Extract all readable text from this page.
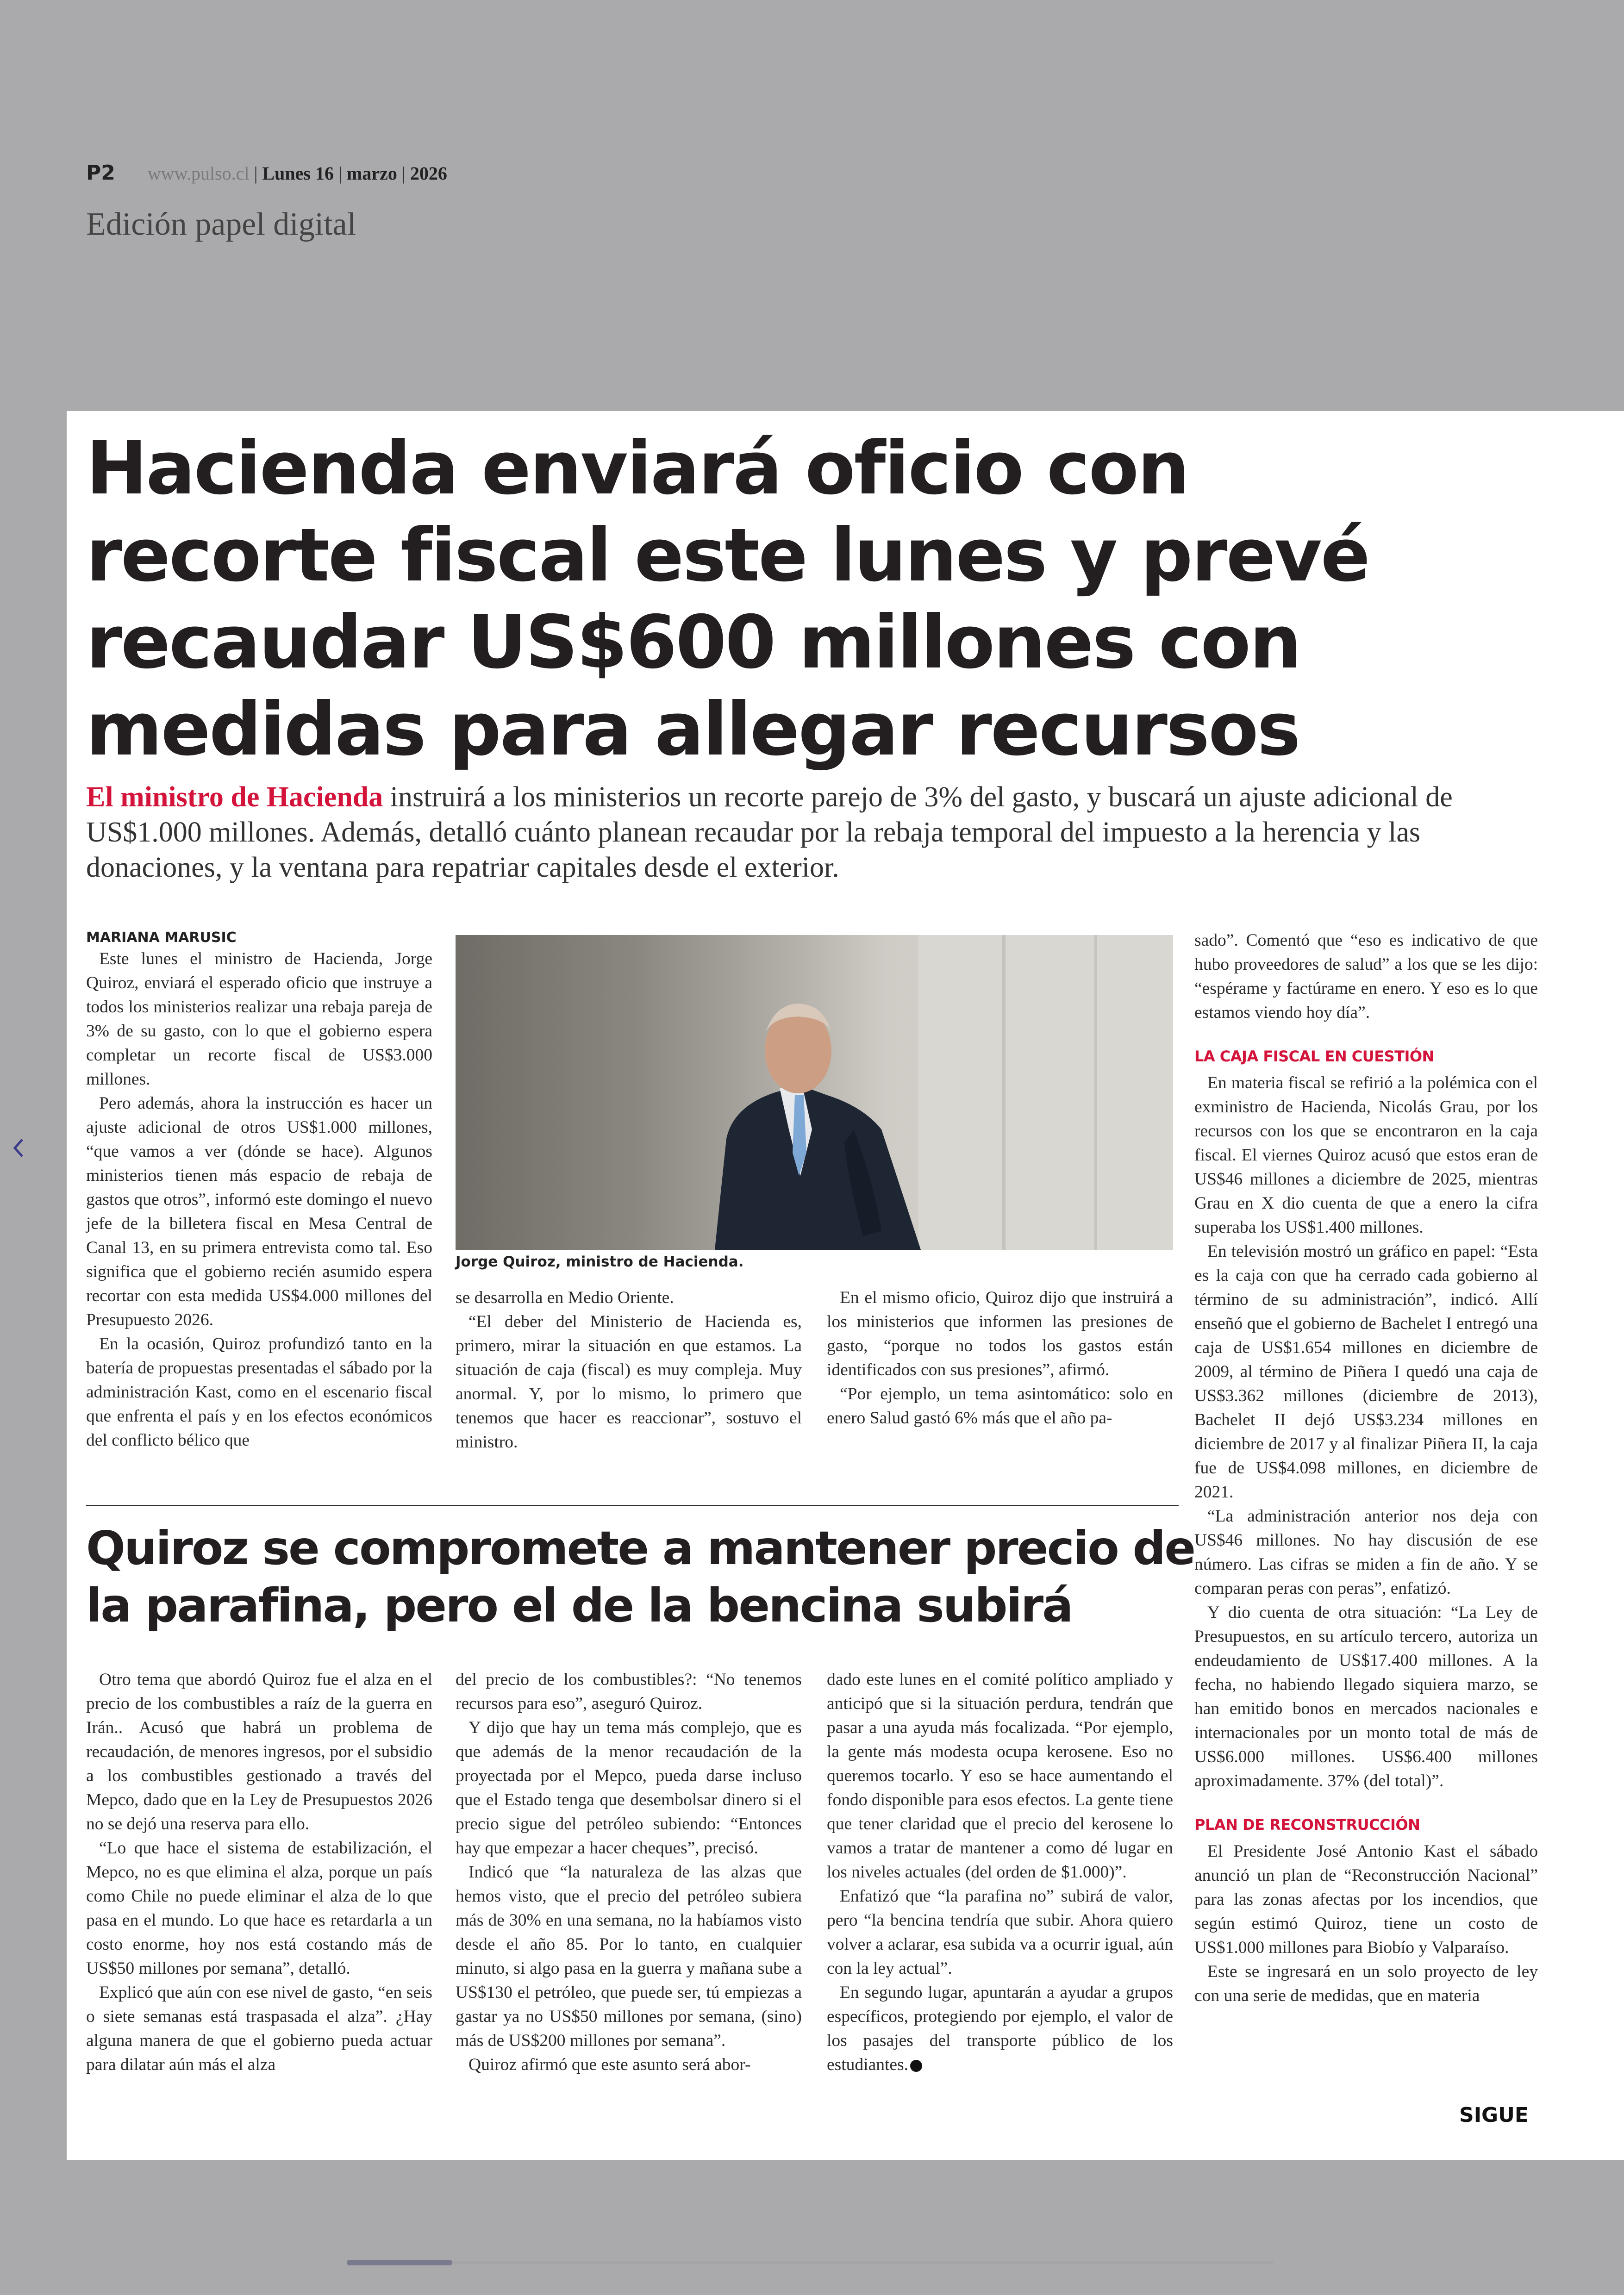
P2 www.pulso.cl | Lunes 16 | marzo | 2026
Edición papel digital
Hacienda enviará oficio con recorte fiscal este lunes y prevé recaudar US$600 millones con medidas para allegar recursos
El ministro de Hacienda instruirá a los ministerios un recorte parejo de 3% del gasto, y buscará un ajuste adicional de US$1.000 millones. Además, detalló cuánto planean recaudar por la rebaja temporal del impuesto a la herencia y las donaciones, y la ventana para repatriar capitales desde el exterior.
MARIANA MARUSIC

Este lunes el ministro de Hacienda, Jorge Quiroz, enviará el esperado oficio que instruye a todos los ministerios realizar una rebaja pareja de 3% de su gasto, con lo que el gobierno espera completar un recorte fiscal de US$3.000 millones.

Pero además, ahora la instrucción es hacer un ajuste adicional de otros US$1.000 millones, “que vamos a ver (dónde se hace). Algunos ministerios tienen más espacio de rebaja de gastos que otros”, informó este domingo el nuevo jefe de la billetera fiscal en Mesa Central de Canal 13, en su primera entrevista como tal. Eso significa que el gobierno recién asumido espera recortar con esta medida US$4.000 millones del Presupuesto 2026.

En la ocasión, Quiroz profundizó tanto en la batería de propuestas presentadas el sábado por la administración Kast, como en el escenario fiscal que enfrenta el país y en los efectos económicos del conflicto bélico que

Jorge Quiroz, ministro de Hacienda.

se desarrolla en Medio Oriente.

“El deber del Ministerio de Hacienda es, primero, mirar la situación en que estamos. La situación de caja (fiscal) es muy compleja. Muy anormal. Y, por lo mismo, lo primero que tenemos que hacer es reaccionar”, sostuvo el ministro.

En el mismo oficio, Quiroz dijo que instruirá a los ministerios que informen las presiones de gasto, “porque no todos los gastos están identificados con sus presiones”, afirmó.

“Por ejemplo, un tema asintomático: solo en enero Salud gastó 6% más que el año pa-

sado”. Comentó que “eso es indicativo de que hubo proveedores de salud” a los que se les dijo: “espérame y factúrame en enero. Y eso es lo que estamos viendo hoy día”.

LA CAJA FISCAL EN CUESTIÓN

En materia fiscal se refirió a la polémica con el exministro de Hacienda, Nicolás Grau, por los recursos con los que se encontraron en la caja fiscal. El viernes Quiroz acusó que estos eran de US$46 millones a diciembre de 2025, mientras Grau en X dio cuenta de que a enero la cifra superaba los US$1.400 millones.

En televisión mostró un gráfico en papel: “Esta es la caja con que ha cerrado cada gobierno al término de su administración”, indicó. Allí enseñó que el gobierno de Bachelet I entregó una caja de US$1.654 millones en diciembre de 2009, al término de Piñera I quedó una caja de US$3.362 millones (diciembre de 2013), Bachelet II dejó US$3.234 millones en diciembre de 2017 y al finalizar Piñera II, la caja fue de US$4.098 millones, en diciembre de 2021.

“La administración anterior nos deja con US$46 millones. No hay discusión de ese número. Las cifras se miden a fin de año. Y se comparan peras con peras”, enfatizó.

Y dio cuenta de otra situación: “La Ley de Presupuestos, en su artículo tercero, autoriza un endeudamiento de US$17.400 millones. A la fecha, no habiendo llegado siquiera marzo, se han emitido bonos en mercados nacionales e internacionales por un monto total de más de US$6.000 millones. US$6.400 millones aproximadamente. 37% (del total)”.

PLAN DE RECONSTRUCCIÓN

El Presidente José Antonio Kast el sábado anunció un plan de “Reconstrucción Nacional” para las zonas afectas por los incendios, que según estimó Quiroz, tiene un costo de US$1.000 millones para Biobío y Valparaíso.

Este se ingresará en un solo proyecto de ley con una serie de medidas, que en materia

Quiroz se compromete a mantener precio de la parafina, pero el de la bencina subirá

Otro tema que abordó Quiroz fue el alza en el precio de los combustibles a raíz de la guerra en Irán.. Acusó que habrá un problema de recaudación, de menores ingresos, por el subsidio a los combustibles gestionado a través del Mepco, dado que en la Ley de Presupuestos 2026 no se dejó una reserva para ello.

“Lo que hace el sistema de estabilización, el Mepco, no es que elimina el alza, porque un país como Chile no puede eliminar el alza de lo que pasa en el mundo. Lo que hace es retardarla a un costo enorme, hoy nos está costando más de US$50 millones por semana”, detalló.

Explicó que aún con ese nivel de gasto, “en seis o siete semanas está traspasada el alza”. ¿Hay alguna manera de que el gobierno pueda actuar para dilatar aún más el alza

del precio de los combustibles?: “No tenemos recursos para eso”, aseguró Quiroz.

Y dijo que hay un tema más complejo, que es que además de la menor recaudación de la proyectada por el Mepco, pueda darse incluso que el Estado tenga que desembolsar dinero si el precio sigue del petróleo subiendo: “Entonces hay que empezar a hacer cheques”, precisó.

Indicó que “la naturaleza de las alzas que hemos visto, que el precio del petróleo subiera más de 30% en una semana, no la habíamos visto desde el año 85. Por lo tanto, en cualquier minuto, si algo pasa en la guerra y mañana sube a US$130 el petróleo, que puede ser, tú empiezas a gastar ya no US$50 millones por semana, (sino) más de US$200 millones por semana”.

Quiroz afirmó que este asunto será abor-

dado este lunes en el comité político ampliado y anticipó que si la situación perdura, tendrán que pasar a una ayuda más focalizada. “Por ejemplo, la gente más modesta ocupa kerosene. Eso no queremos tocarlo. Y eso se hace aumentando el fondo disponible para esos efectos. La gente tiene que tener claridad que el precio del kerosene lo vamos a tratar de mantener a como dé lugar en los niveles actuales (del orden de $1.000)”.

Enfatizó que “la parafina no” subirá de valor, pero “la bencina tendría que subir. Ahora quiero volver a aclarar, esa subida va a ocurrir igual, aún con la ley actual”.

En segundo lugar, apuntarán a ayudar a grupos específicos, protegiendo por ejemplo, el valor de los pasajes del transporte público de los estudiantes.

SIGUE
